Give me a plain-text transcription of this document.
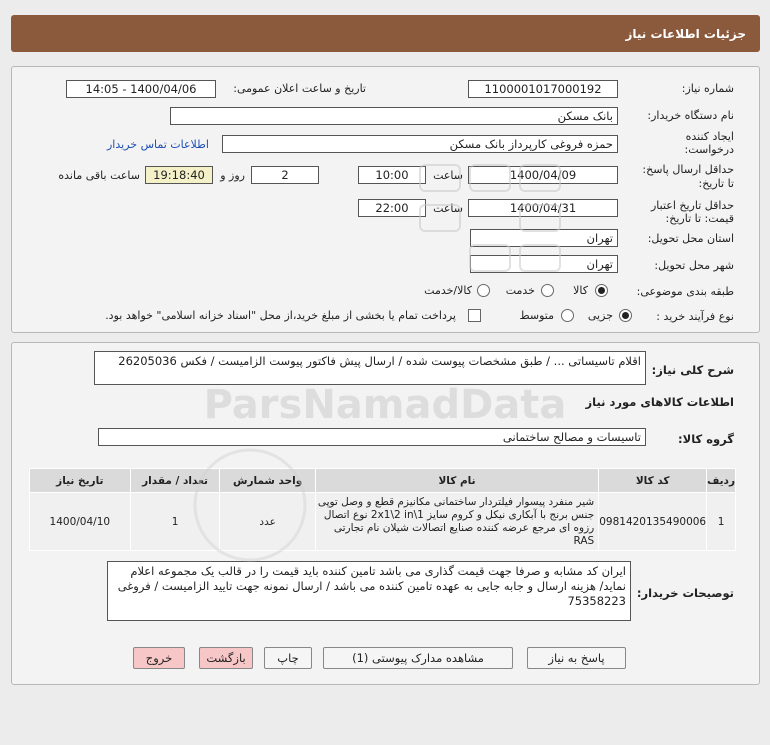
جزئیات اطلاعات نیاز
شماره نیاز:
1100001017000192
تاریخ و ساعت اعلان عمومی:
1400/04/06 - 14:05
نام دستگاه خریدار:
بانک مسکن
ایجاد کننده
درخواست:
حمزه فروغی کارپرداز بانک مسکن
اطلاعات تماس خریدار
حداقل ارسال پاسخ:
تا تاریخ:
1400/04/09
ساعت
10:00
2
روز و
19:18:40
ساعت باقی مانده
حداقل تاریخ اعتبار
قیمت: تا تاریخ:
1400/04/31
ساعت
22:00
استان محل تحویل:
تهران
شهر محل تحویل:
تهران
طبقه بندی موضوعی:
کالا
خدمت
کالا/خدمت
نوع فرآیند خرید :
جزیی
متوسط
پرداخت تمام یا بخشی از مبلغ خرید،از محل "اسناد خزانه اسلامی" خواهد بود.
شرح کلی نیاز:
اقلام تاسیساتی ... / طبق مشخصات پیوست شده / ارسال پیش فاکتور پیوست الزامیست / فکس 26205036
اطلاعات کالاهای مورد نیاز
گروه کالا:
تاسیسات و مصالح ساختمانی
ردیف	کد کالا	نام کالا	واحد شمارش	تعداد / مقدار	تاریخ نیاز
1	0981420135490006	شیر منفرد پیسوار فیلتردار ساختمانی مکانیزم قطع و وصل توپی جنس برنج با آبکاری نیکل و کروم سایز 2x1\2 in\1 نوع اتصال رزوه ای مرجع عرضه کننده صنایع اتصالات شیلان نام تجارتی RAS	عدد	1	1400/04/10
توصیحات خریدار:
ایران کد مشابه و صرفا جهت قیمت گذاری می باشد تامین کننده باید قیمت را در قالب یک مجموعه اعلام نماید/ هزینه ارسال و جابه جایی به عهده تامین کننده می باشد / ارسال نمونه جهت تایید الزامیست / فروغی 75358223
پاسخ به نیاز
مشاهده مدارک پیوستی (1)
چاپ
بازگشت
خروج
ParsNamadData
